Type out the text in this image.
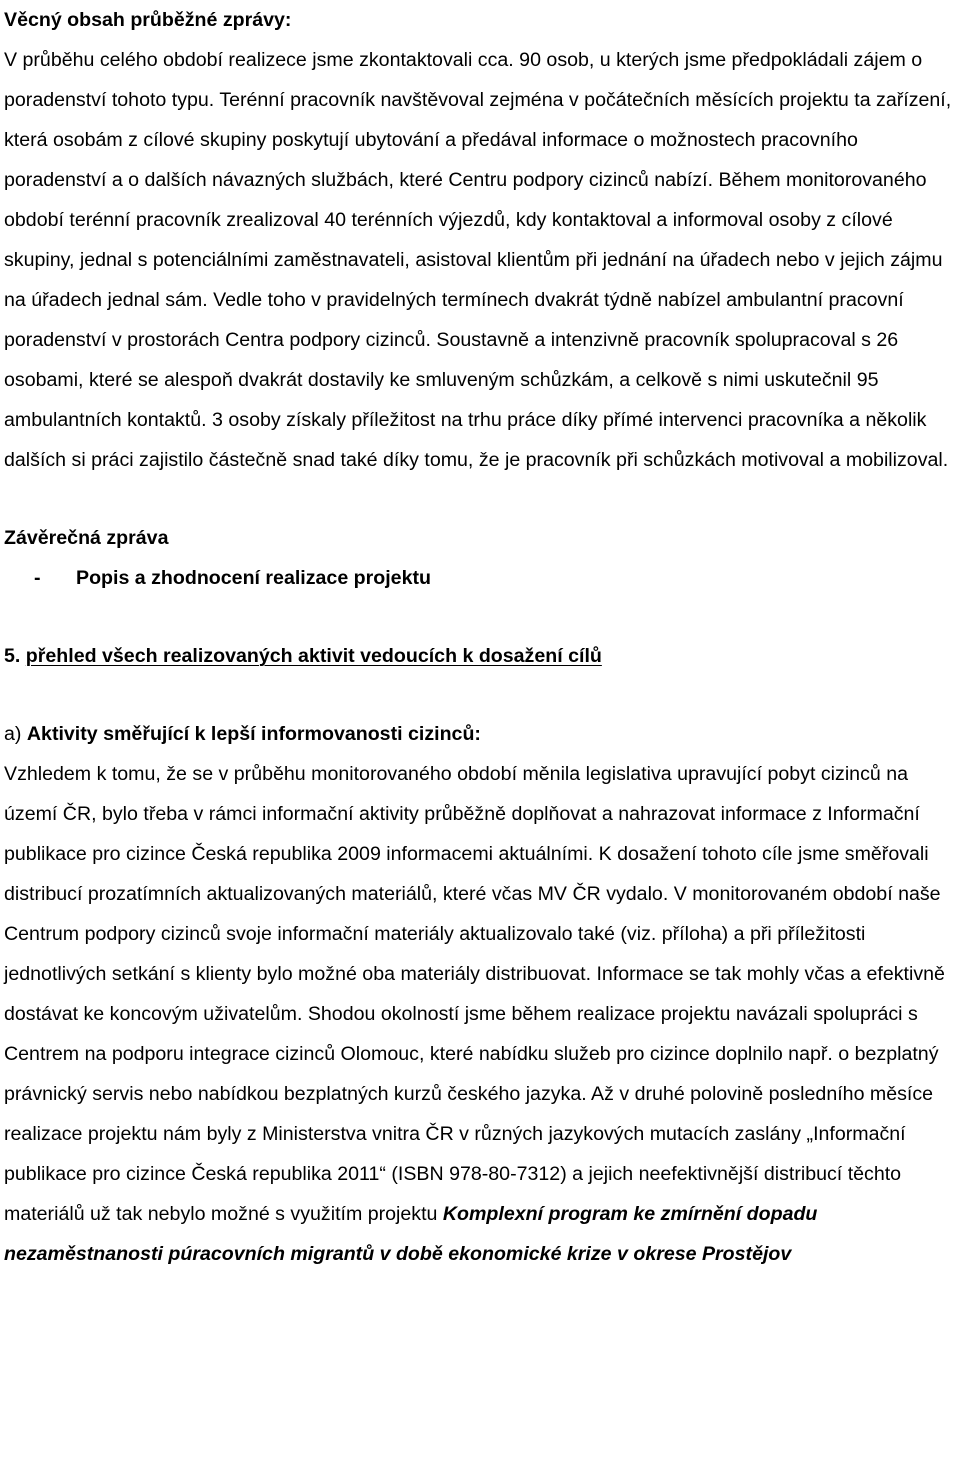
Věcný obsah průběžné zprávy:

V průběhu celého období realizece jsme zkontaktovali cca. 90 osob, u kterých jsme předpokládali zájem o poradenství tohoto typu. Terénní pracovník navštěvoval zejména v počátečních měsících projektu ta zařízení, která osobám z cílové skupiny poskytují ubytování a předával informace o možnostech pracovního poradenství a o dalších návazných službách, které Centru podpory cizinců nabízí. Během monitorovaného období terénní pracovník zrealizoval 40 terénních výjezdů, kdy kontaktoval a informoval osoby z cílové skupiny, jednal s potenciálními zaměstnavateli, asistoval klientům při jednání na úřadech nebo v jejich zájmu na úřadech jednal sám. Vedle toho v pravidelných termínech dvakrát týdně nabízel ambulantní pracovní poradenství v prostorách Centra podpory cizinců. Soustavně a intenzivně pracovník spolupracoval s 26 osobami, které se alespoň dvakrát dostavily ke smluveným schůzkám, a celkově s nimi uskutečnil 95 ambulantních kontaktů. 3 osoby získaly příležitost na trhu práce díky přímé intervenci pracovníka a několik dalších si práci zajistilo částečně snad také díky tomu, že je pracovník při schůzkách motivoval a mobilizoval.

Závěrečná zpráva

-	Popis a zhodnocení realizace projektu

5. přehled všech realizovaných aktivit vedoucích k dosažení cílů

a) Aktivity směřující k lepší informovanosti cizinců:

Vzhledem k tomu, že se v průběhu monitorovaného období měnila legislativa upravující pobyt cizinců na území ČR, bylo třeba v rámci informační aktivity průběžně doplňovat a nahrazovat informace z Informační publikace pro cizince Česká republika 2009 informacemi aktuálními. K dosažení tohoto cíle jsme směřovali distribucí prozatímních aktualizovaných materiálů, které včas MV ČR vydalo. V monitorovaném období naše Centrum podpory cizinců svoje informační materiály aktualizovalo také (viz. příloha) a při příležitosti jednotlivých setkání s klienty bylo možné oba materiály distribuovat. Informace se tak mohly včas a efektivně dostávat ke koncovým uživatelům. Shodou okolností jsme během realizace projektu navázali spolupráci s Centrem na podporu integrace cizinců Olomouc, které nabídku služeb pro cizince doplnilo např. o bezplatný právnický servis nebo nabídkou bezplatných kurzů českého jazyka. Až v druhé polovině posledního měsíce realizace projektu nám byly z Ministerstva vnitra ČR v různých jazykových mutacích zaslány „Informační publikace pro cizince Česká republika 2011“ (ISBN 978-80-7312) a jejich neefektivnější distribucí těchto materiálů už tak nebylo možné s využitím projektu Komplexní program ke zmírnění dopadu nezaměstnanosti púracovních migrantů v době ekonomické krize v okrese Prostějov
